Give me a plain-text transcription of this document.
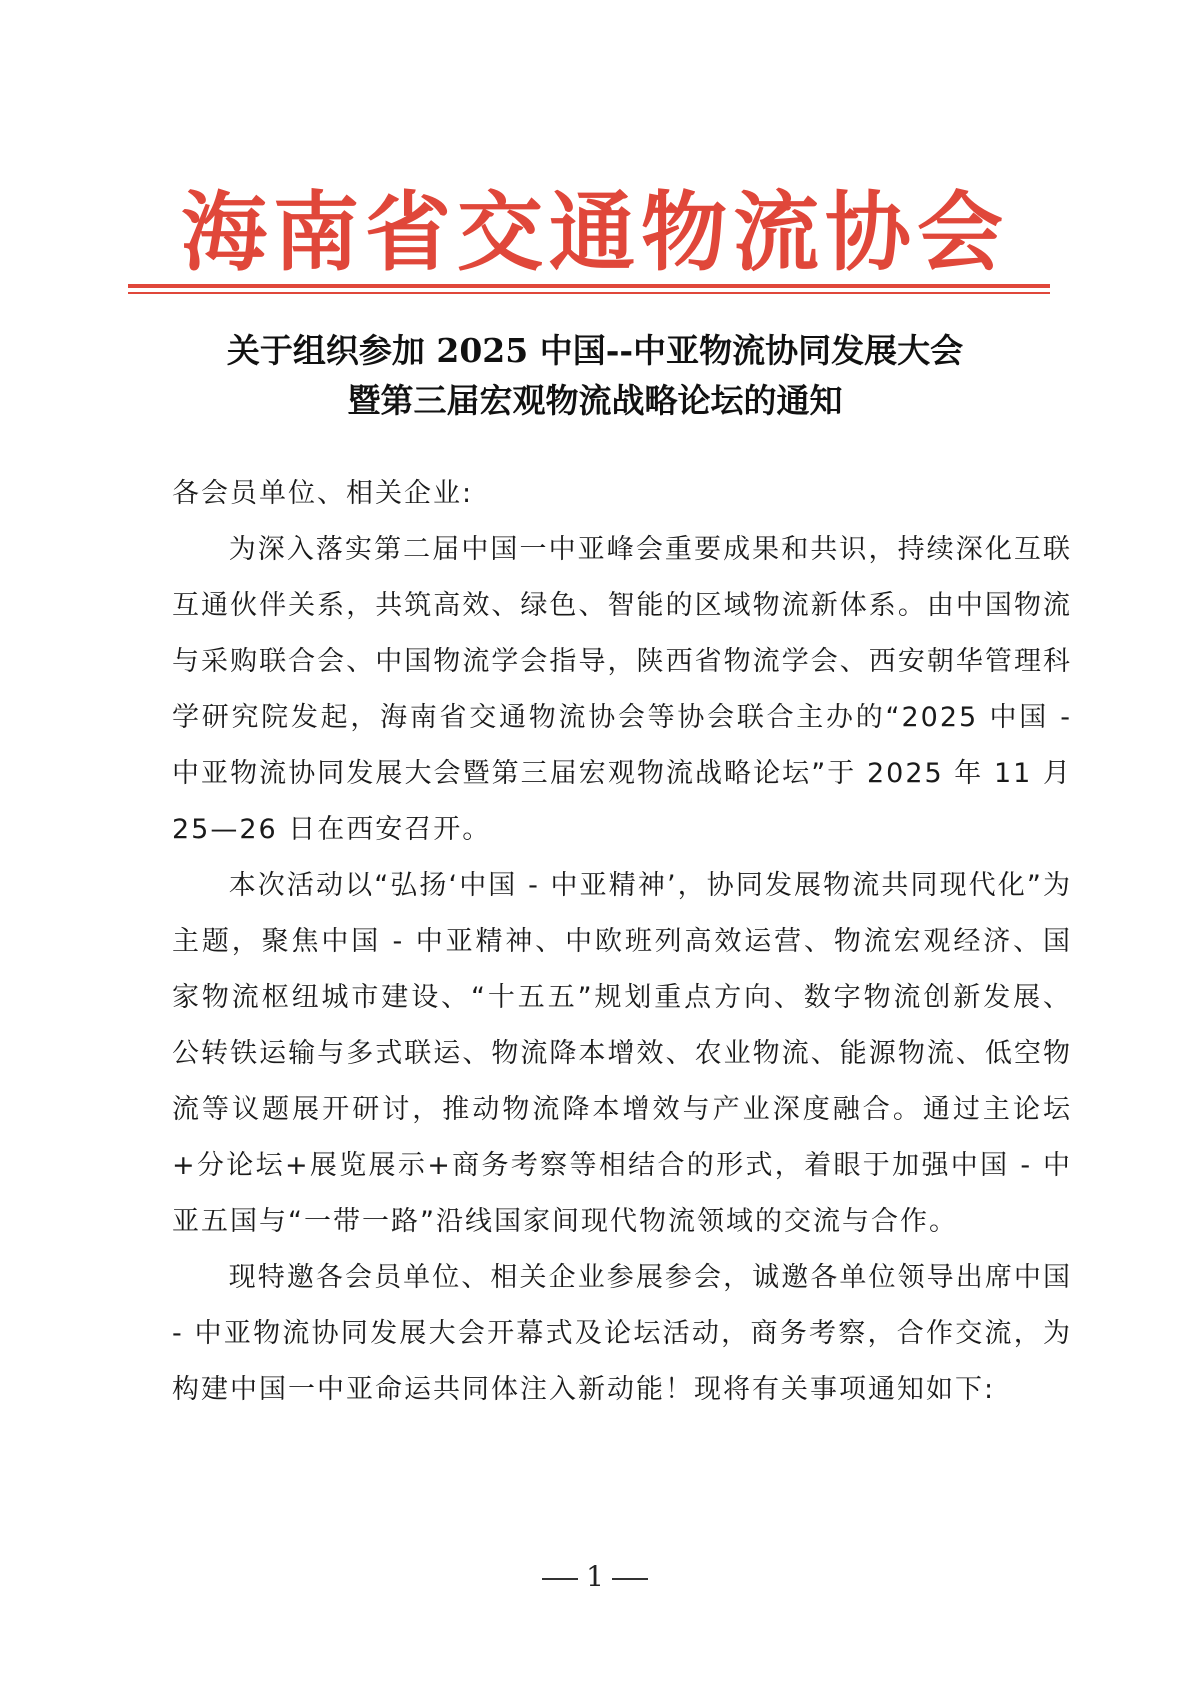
海南省交通物流协会
关于组织参加 2025 中国--中亚物流协同发展大会
暨第三届宏观物流战略论坛的通知

各会员单位、相关企业:

为深入落实第二届中国一中亚峰会重要成果和共识，持续深化互联互通伙伴关系，共筑高效、绿色、智能的区域物流新体系。由中国物流与采购联合会、中国物流学会指导，陕西省物流学会、西安朝华管理科学研究院发起，海南省交通物流协会等协会联合主办的“2025 中国 - 中亚物流协同发展大会暨第三届宏观物流战略论坛”于 2025 年 11 月 25—26 日在西安召开。

本次活动以“弘扬‘中国 - 中亚精神’，协同发展物流共同现代化”为主题，聚焦中国 - 中亚精神、中欧班列高效运营、物流宏观经济、国家物流枢纽城市建设、“十五五”规划重点方向、数字物流创新发展、公转铁运输与多式联运、物流降本增效、农业物流、能源物流、低空物流等议题展开研讨，推动物流降本增效与产业深度融合。通过主论坛+分论坛+展览展示+商务考察等相结合的形式，着眼于加强中国 - 中亚五国与“一带一路”沿线国家间现代物流领域的交流与合作。

现特邀各会员单位、相关企业参展参会，诚邀各单位领导出席中国 - 中亚物流协同发展大会开幕式及论坛活动，商务考察，合作交流，为构建中国一中亚命运共同体注入新动能！现将有关事项通知如下:

1
